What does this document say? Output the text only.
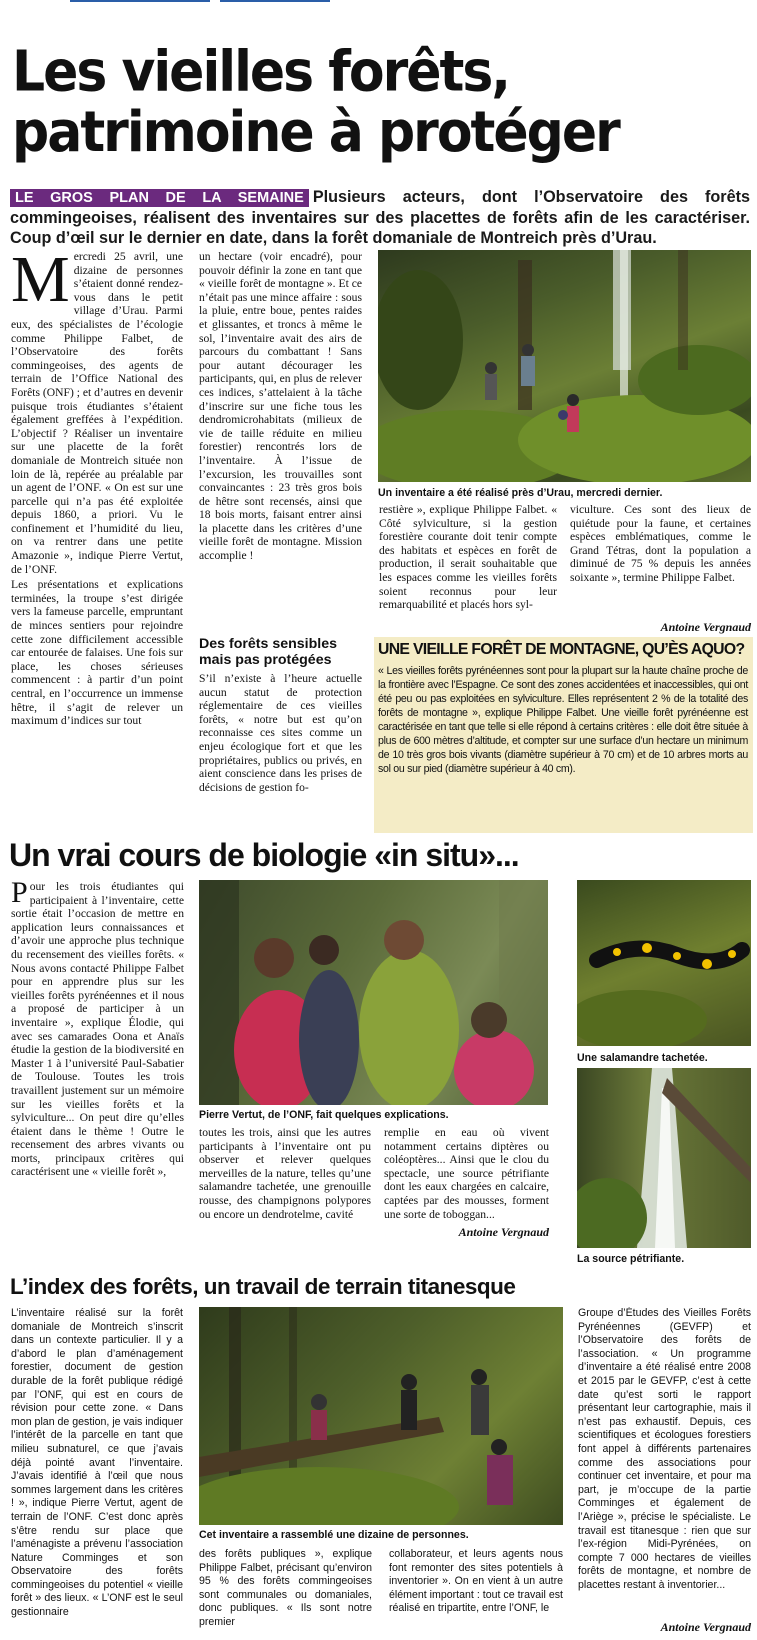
Les vieilles forêts,
patrimoine à protéger
LE GROS PLAN DE LA SEMAINE Plusieurs acteurs, dont l’Observatoire des forêts commingeoises, réalisent des inventaires sur des placettes de forêts afin de les caractériser. Coup d’œil sur le dernier en date, dans la forêt domaniale de Montreich près d’Urau.
M ercredi 25 avril, une dizaine de personnes s’étaient donné rendez-vous dans le petit village d’Urau. Parmi eux, des spécialistes de l’écologie comme Philippe Falbet, de l’Observatoire des forêts commingeoises, des agents de terrain de l’Office National des Forêts (ONF) ; et d’autres en devenir puisque trois étudiantes s’étaient également greffées à l’expédition. L’objectif ? Réaliser un inventaire sur une placette de la forêt domaniale de Montreich située non loin de là, repérée au préalable par un agent de l’ONF. « On est sur une parcelle qui n’a pas été exploitée depuis 1860, a priori. Vu le confinement et l’humidité du lieu, on va rentrer dans une petite Amazonie », indique Pierre Vertut, de l’ONF.

Les présentations et explications terminées, la troupe s’est dirigée vers la fameuse parcelle, empruntant de minces sentiers pour rejoindre cette zone difficilement accessible car entourée de falaises. Une fois sur place, les choses sérieuses commencent : à partir d’un point central, en l’occurrence un immense hêtre, il s’agit de relever un maximum d’indices sur tout

un hectare (voir encadré), pour pouvoir définir la zone en tant que « vieille forêt de montagne ». Et ce n’était pas une mince affaire : sous la pluie, entre boue, pentes raides et glissantes, et troncs à même le sol, l’inventaire avait des airs de parcours du combattant ! Sans pour autant décourager les participants, qui, en plus de relever ces indices, s’attelaient à la tâche d’inscrire sur une fiche tous les dendromicrohabitats (milieux de vie de taille réduite en milieu forestier) rencontrés lors de l’inventaire. À l’issue de l’excursion, les trouvailles sont convaincantes : 23 très gros bois de hêtre sont recensés, ainsi que 18 bois morts, faisant entrer ainsi la placette dans les critères d’une vieille forêt de montagne. Mission accomplie !

Des forêts sensibles mais pas protégées

S’il n’existe à l’heure actuelle aucun statut de protection réglementaire de ces vieilles forêts, « notre but est qu’on reconnaisse ces sites comme un enjeu écologique fort et que les propriétaires, publics ou privés, en aient conscience dans les prises de décisions de gestion fo-

Un inventaire a été réalisé près d’Urau, mercredi dernier.

restière », explique Philippe Falbet. « Côté sylviculture, si la gestion forestière courante doit tenir compte des habitats et espèces en forêt de production, il serait souhaitable que les espaces comme les vieilles forêts soient reconnus pour leur remarquabilité et placés hors syl-

viculture. Ces sont des lieux de quiétude pour la faune, et certaines espèces emblématiques, comme le Grand Tétras, dont la population a diminué de 75 % depuis les années soixante », termine Philippe Falbet.

Antoine Vergnaud
UNE VIEILLE FORÊT DE MONTAGNE, QU’ÈS AQUO?
« Les vieilles forêts pyrénéennes sont pour la plupart sur la haute chaîne proche de la frontière avec l’Espagne. Ce sont des zones accidentées et inaccessibles, qui ont été peu ou pas exploitées en sylviculture. Elles représentent 2 % de la totalité des forêts de montagne », explique Philippe Falbet. Une vieille forêt pyrénéenne est caractérisée en tant que telle si elle répond à certains critères : elle doit être située à plus de 600 mètres d’altitude, et compter sur une surface d’un hectare un minimum de 10 très gros bois vivants (diamètre supérieur à 70 cm) et de 10 arbres morts au sol ou sur pied (diamètre supérieur à 40 cm).
Un vrai cours de biologie «in situ»...
P our les trois étudiantes qui participaient à l’inventaire, cette sortie était l’occasion de mettre en application leurs connaissances et d’avoir une approche plus technique du recensement des vieilles forêts. « Nous avons contacté Philippe Falbet pour en apprendre plus sur les vieilles forêts pyrénéennes et il nous a proposé de participer à un inventaire », explique Élodie, qui avec ses camarades Oona et Anaïs étudie la gestion de la biodiversité en Master 1 à l’université Paul-Sabatier de Toulouse. Toutes les trois travaillent justement sur un mémoire sur les vieilles forêts et la sylviculture... On peut dire qu’elles étaient dans le thème ! Outre le recensement des arbres vivants ou morts, principaux critères qui caractérisent une « vieille forêt »,

Pierre Vertut, de l’ONF, fait quelques explications.

toutes les trois, ainsi que les autres participants à l’inventaire ont pu observer et relever quelques merveilles de la nature, telles qu’une salamandre tachetée, une grenouille rousse, des champignons polypores ou encore un dendrotelme, cavité

remplie en eau où vivent notamment certains diptères ou coléoptères... Ainsi que le clou du spectacle, une source pétrifiante dont les eaux chargées en calcaire, captées par des mousses, forment une sorte de toboggan...

Antoine Vergnaud
Une salamandre tachetée.
La source pétrifiante.
L’index des forêts, un travail de terrain titanesque
L’inventaire réalisé sur la forêt domaniale de Montreich s’inscrit dans un contexte particulier. Il y a d’abord le plan d’aménagement forestier, document de gestion durable de la forêt publique rédigé par l’ONF, qui est en cours de révision pour cette zone. « Dans mon plan de gestion, je vais indiquer l’intérêt de la parcelle en tant que milieu subnaturel, ce que j’avais déjà pointé avant l’inventaire. J’avais identifié à l’œil que nous sommes largement dans les critères ! », indique Pierre Vertut, agent de terrain de l’ONF. C’est donc après s’être rendu sur place que l’aménagiste a prévenu l’association Nature Comminges et son Observatoire des forêts commingeoises du potentiel « vieille forêt » des lieux. « L’ONF est le seul gestionnaire
Cet inventaire a rassemblé une dizaine de personnes.
des forêts publiques », explique Philippe Falbet, précisant qu’environ 95 % des forêts commingeoises sont communales ou domaniales, donc publiques. « Ils sont notre premier
collaborateur, et leurs agents nous font remonter des sites potentiels à inventorier ». On en vient à un autre élément important : tout ce travail est réalisé en tripartite, entre l’ONF, le
Groupe d’Études des Vieilles Forêts Pyrénéennes (GEVFP) et l’Observatoire des forêts de l’association. « Un programme d’inventaire a été réalisé entre 2008 et 2015 par le GEVFP, c’est à cette date qu’est sorti le rapport présentant leur cartographie, mais il n’est pas exhaustif. Depuis, ces scientifiques et écologues forestiers font appel à différents partenaires comme des associations pour continuer cet inventaire, et pour ma part, je m’occupe de la partie Comminges et également de l’Ariège », précise le spécialiste. Le travail est titanesque : rien que sur l’ex-région Midi-Pyrénées, on compte 7 000 hectares de vieilles forêts de montagne, et nombre de placettes restant à inventorier...
Antoine Vergnaud
